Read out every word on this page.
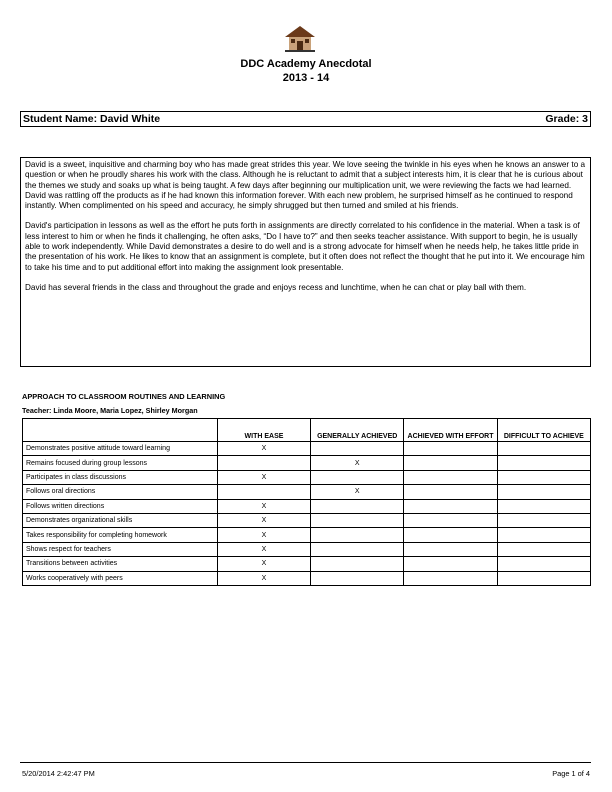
DDC Academy Anecdotal
2013 - 14
Student Name: David White	Grade: 3

David is a sweet, inquisitive and charming boy who has made great strides this year. We love seeing the twinkle in his eyes when he knows an answer to a question or when he proudly shares his work with the class. Although he is reluctant to admit that a subject interests him, it is clear that he is curious about the themes we study and soaks up what is being taught. A few days after beginning our multiplication unit, we were reviewing the facts we had learned. David was rattling off the products as if he had known this information forever. With each new problem, he surprised himself as he continued to respond instantly. When complimented on his speed and accuracy, he simply shrugged but then turned and smiled at his friends.

David's participation in lessons as well as the effort he puts forth in assignments are directly correlated to his confidence in the material. When a task is of less interest to him or when he finds it challenging, he often asks, “Do I have to?” and then seeks teacher assistance. With support to begin, he is usually able to work independently. While David demonstrates a desire to do well and is a strong advocate for himself when he needs help, he takes little pride in the presentation of his work. He likes to know that an assignment is complete, but it often does not reflect the thought that he put into it. We encourage him to take his time and to put additional effort into making the assignment look presentable.

David has several friends in the class and throughout the grade and enjoys recess and lunchtime, when he can chat or play ball with them.

APPROACH TO CLASSROOM ROUTINES AND LEARNING
Teacher: Linda Moore, Maria Lopez, Shirley Morgan
	WITH EASE	GENERALLY ACHIEVED	ACHIEVED WITH EFFORT	DIFFICULT TO ACHIEVE
Demonstrates positive attitude toward learning	X			
Remains focused during group lessons		X		
Participates in class discussions	X			
Follows oral directions		X		
Follows written directions	X			
Demonstrates organizational skills	X			
Takes responsibility for completing homework	X			
Shows respect for teachers	X			
Transitions between activities	X			
Works cooperatively with peers	X			
5/20/2014 2:42:47 PM	Page 1 of 4
